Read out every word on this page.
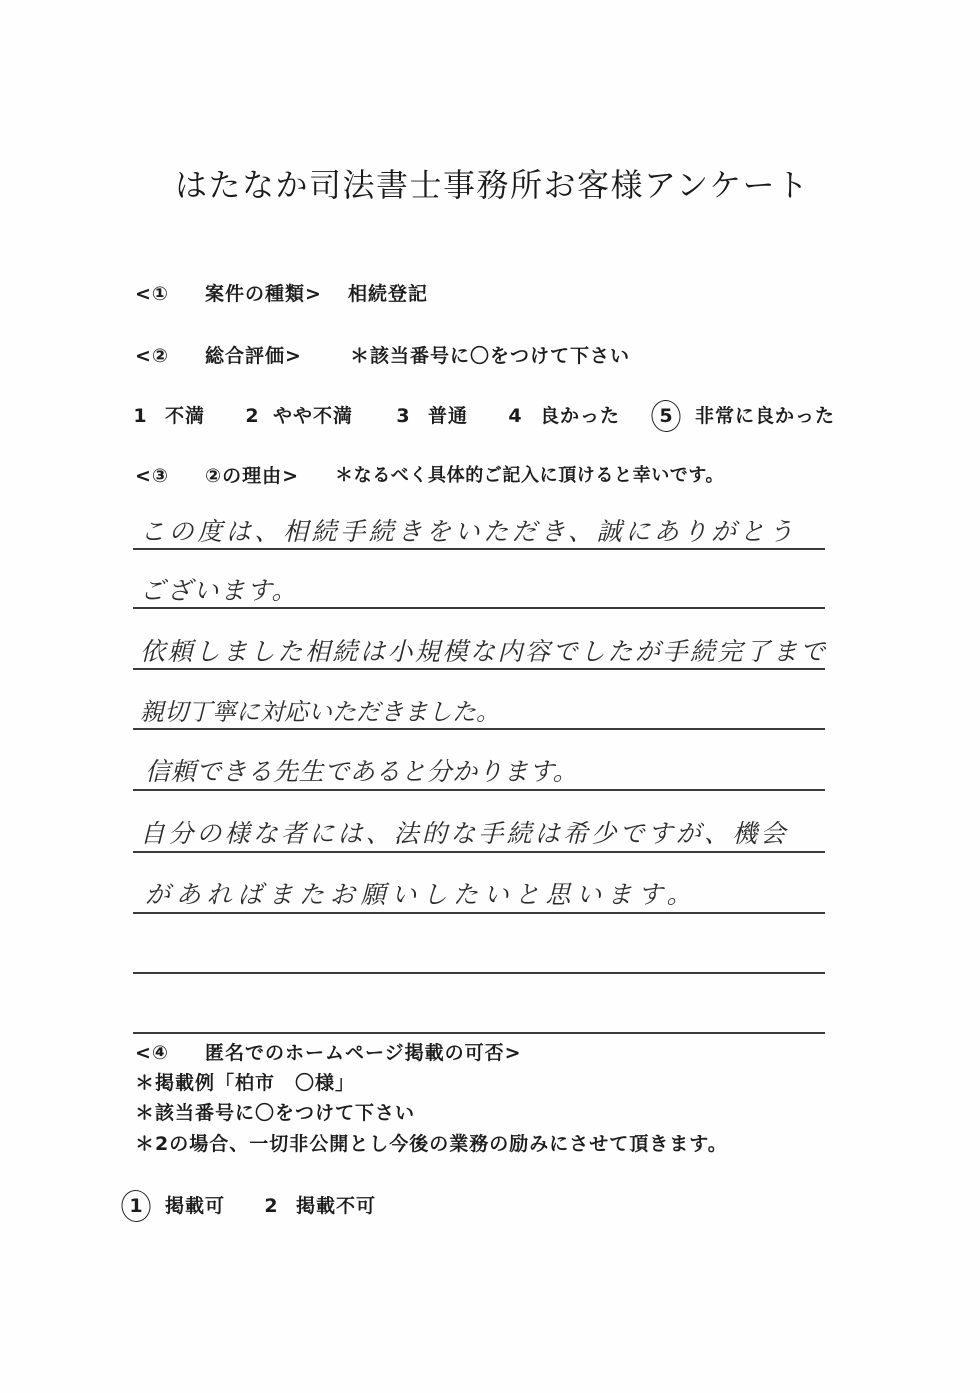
はたなか司法書士事務所お客様アンケート
<① 案件の種類> 相続登記
<② 総合評価>	＊該当番号に〇をつけて下さい
1 不満 2 やや不満 3 普通 4 良かった 5 非常に良かった
<③ ②の理由> ＊なるべく具体的ご記入に頂けると幸いです。
この度は、相続手続きをいただき、誠にありがとう
ございます。
依頼しました相続は小規模な内容でしたが手続完了まで
親切丁寧に対応いただきました。
信頼できる先生であると分かります。
自分の様な者には、法的な手続は希少ですが、機会
があればまたお願いしたいと思います。
<④ 匿名でのホームページ掲載の可否>
＊掲載例「柏市　〇様」
＊該当番号に〇をつけて下さい
＊2の場合、一切非公開とし今後の業務の励みにさせて頂きます。
1 掲載可 2 掲載不可
